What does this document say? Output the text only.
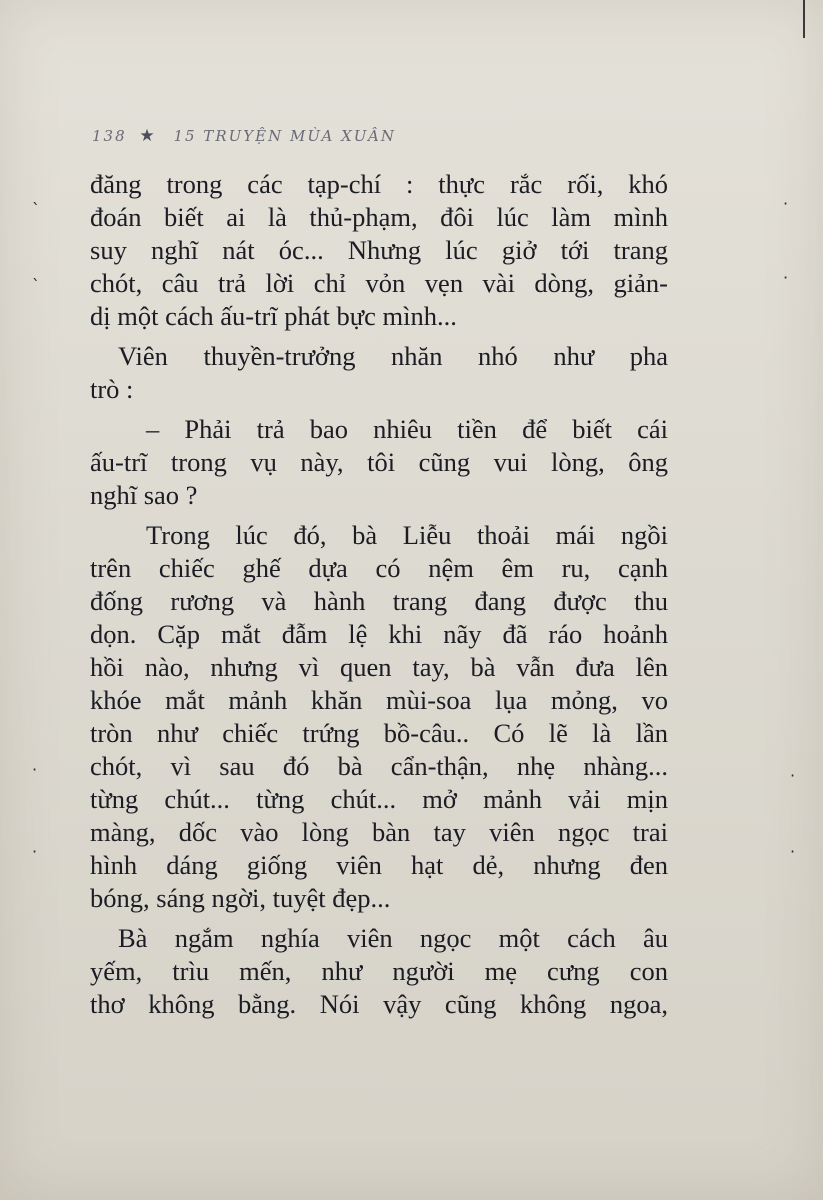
138 ★ 15 TRUYỆN MÙA XUÂN
ˎ
ˎ
·
·
·
·
·
·

đăng trong các tạp-chí : thực rắc rối, khó
đoán biết ai là thủ-phạm, đôi lúc làm mình
suy nghĩ nát óc... Nhưng lúc giở tới trang
chót, câu trả lời chỉ vỏn vẹn vài dòng, giản-
dị một cách ấu-trĩ phát bực mình...

Viên thuyền-trưởng nhăn nhó như pha
trò :

– Phải trả bao nhiêu tiền để biết cái
ấu-trĩ trong vụ này, tôi cũng vui lòng, ông
nghĩ sao ?

Trong lúc đó, bà Liễu thoải mái ngồi
trên chiếc ghế dựa có nệm êm ru, cạnh
đống rương và hành trang đang được thu
dọn. Cặp mắt đẫm lệ khi nãy đã ráo hoảnh
hồi nào, nhưng vì quen tay, bà vẫn đưa lên
khóe mắt mảnh khăn mùi-soa lụa mỏng, vo
tròn như chiếc trứng bồ-câu.. Có lẽ là lần
chót, vì sau đó bà cẩn-thận, nhẹ nhàng...
từng chút... từng chút... mở mảnh vải mịn
màng, dốc vào lòng bàn tay viên ngọc trai
hình dáng giống viên hạt dẻ, nhưng đen
bóng, sáng ngời, tuyệt đẹp...

Bà ngắm nghía viên ngọc một cách âu
yếm, trìu mến, như người mẹ cưng con
thơ không bằng. Nói vậy cũng không ngoa,
